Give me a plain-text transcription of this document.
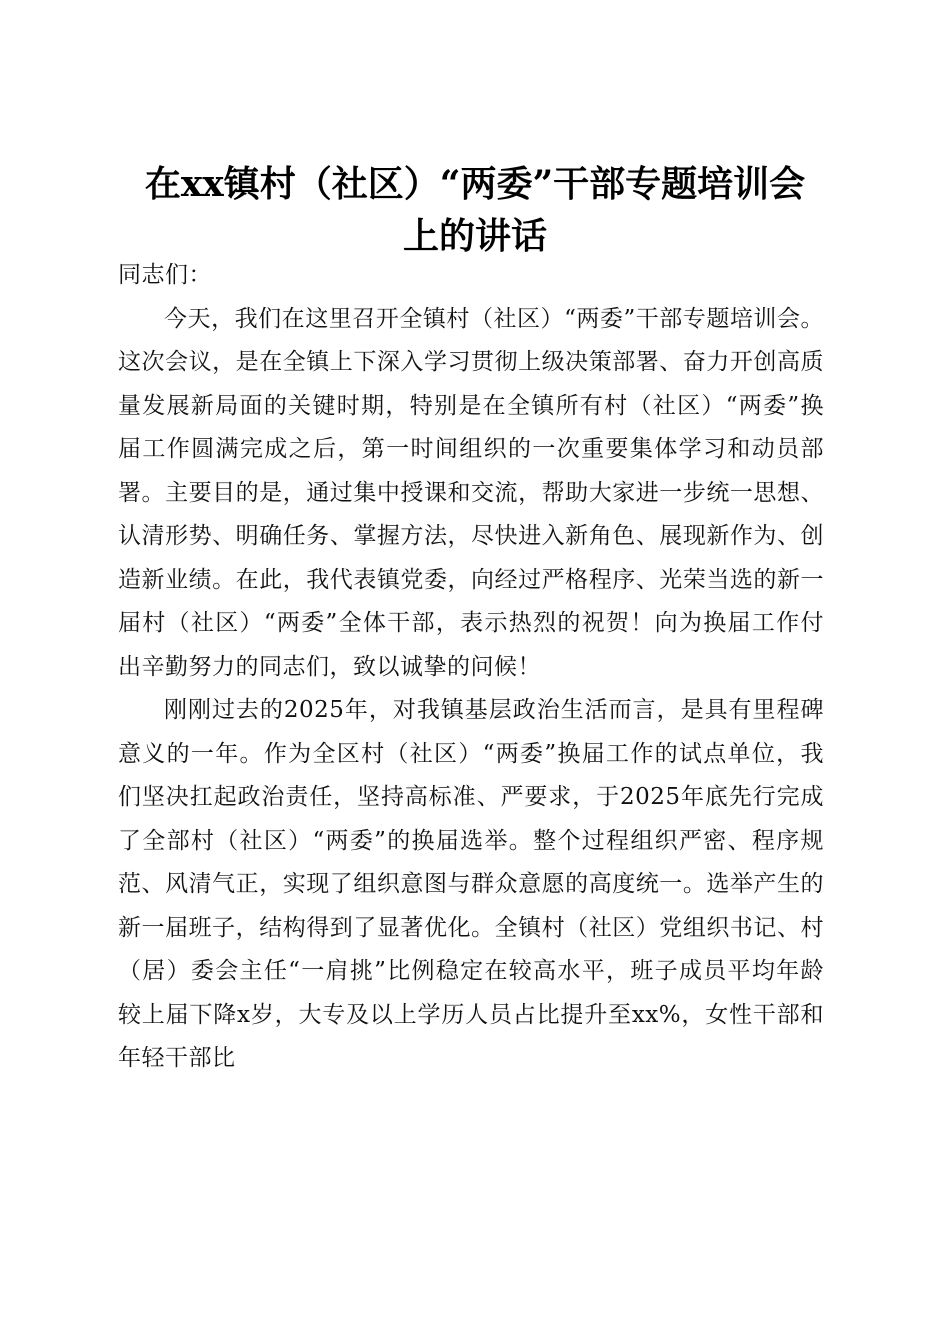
在xx镇村（社区）“两委”干部专题培训会
上的讲话

同志们：

今天，我们在这里召开全镇村（社区）“两委”干部专题培训会。这次会议，是在全镇上下深入学习贯彻上级决策部署、奋力开创高质量发展新局面的关键时期，特别是在全镇所有村（社区）“两委”换届工作圆满完成之后，第一时间组织的一次重要集体学习和动员部署。主要目的是，通过集中授课和交流，帮助大家进一步统一思想、认清形势、明确任务、掌握方法，尽快进入新角色、展现新作为、创造新业绩。在此，我代表镇党委，向经过严格程序、光荣当选的新一届村（社区）“两委”全体干部，表示热烈的祝贺！向为换届工作付出辛勤努力的同志们，致以诚挚的问候！

刚刚过去的2025年，对我镇基层政治生活而言，是具有里程碑意义的一年。作为全区村（社区）“两委”换届工作的试点单位，我们坚决扛起政治责任，坚持高标准、严要求，于2025年底先行完成了全部村（社区）“两委”的换届选举。整个过程组织严密、程序规范、风清气正，实现了组织意图与群众意愿的高度统一。选举产生的新一届班子，结构得到了显著优化。全镇村（社区）党组织书记、村（居）委会主任“一肩挑”比例稳定在较高水平，班子成员平均年龄较上届下降x岁，大专及以上学历人员占比提升至xx%，女性干部和年轻干部比
